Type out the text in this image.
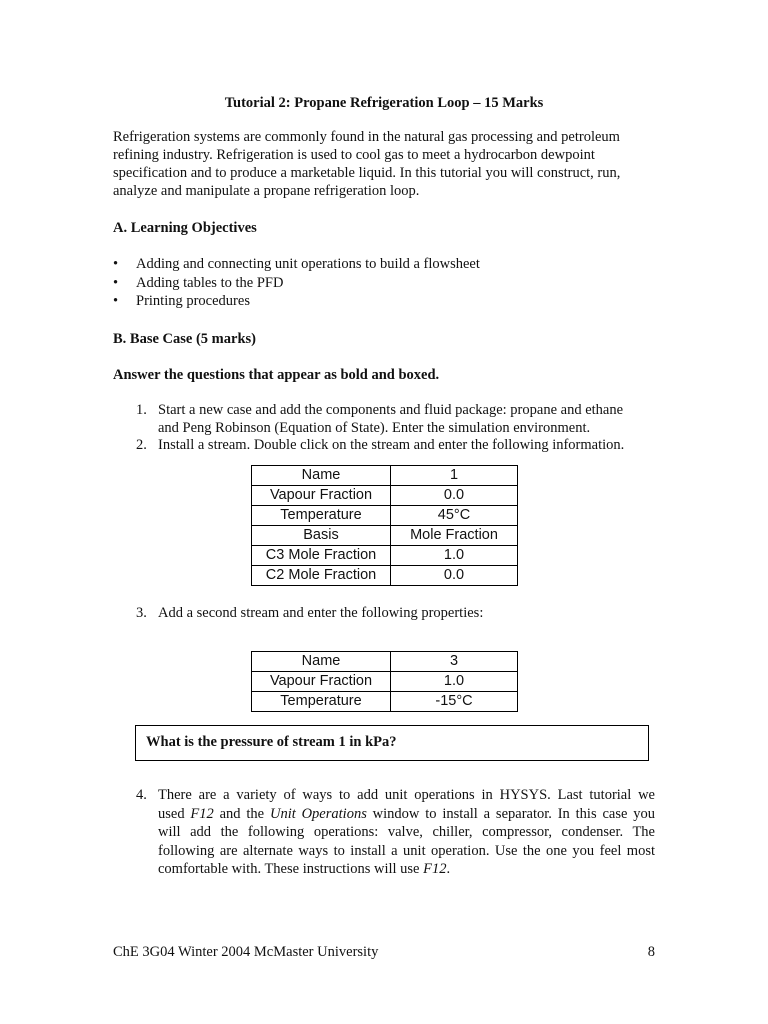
Tutorial 2: Propane Refrigeration Loop – 15 Marks
Refrigeration systems are commonly found in the natural gas processing and petroleum
refining industry. Refrigeration is used to cool gas to meet a hydrocarbon dewpoint
specification and to produce a marketable liquid. In this tutorial you will construct, run,
analyze and manipulate a propane refrigeration loop.
A. Learning Objectives
• Adding and connecting unit operations to build a flowsheet
• Adding tables to the PFD
• Printing procedures
B. Base Case (5 marks)
Answer the questions that appear as bold and boxed.
1. Start a new case and add the components and fluid package: propane and ethane
and Peng Robinson (Equation of State). Enter the simulation environment.
2. Install a stream. Double click on the stream and enter the following information.
Name	1
Vapour Fraction	0.0
Temperature	45°C
Basis	Mole Fraction
C3 Mole Fraction	1.0
C2 Mole Fraction	0.0
3. Add a second stream and enter the following properties:
Name	3
Vapour Fraction	1.0
Temperature	-15°C
What is the pressure of stream 1 in kPa?
4. There are a variety of ways to add unit operations in HYSYS. Last tutorial we
used F12 and the Unit Operations window to install a separator. In this case you
will add the following operations: valve, chiller, compressor, condenser. The
following are alternate ways to install a unit operation. Use the one you feel most
comfortable with. These instructions will use F12.
ChE 3G04 Winter 2004 McMaster University	8
